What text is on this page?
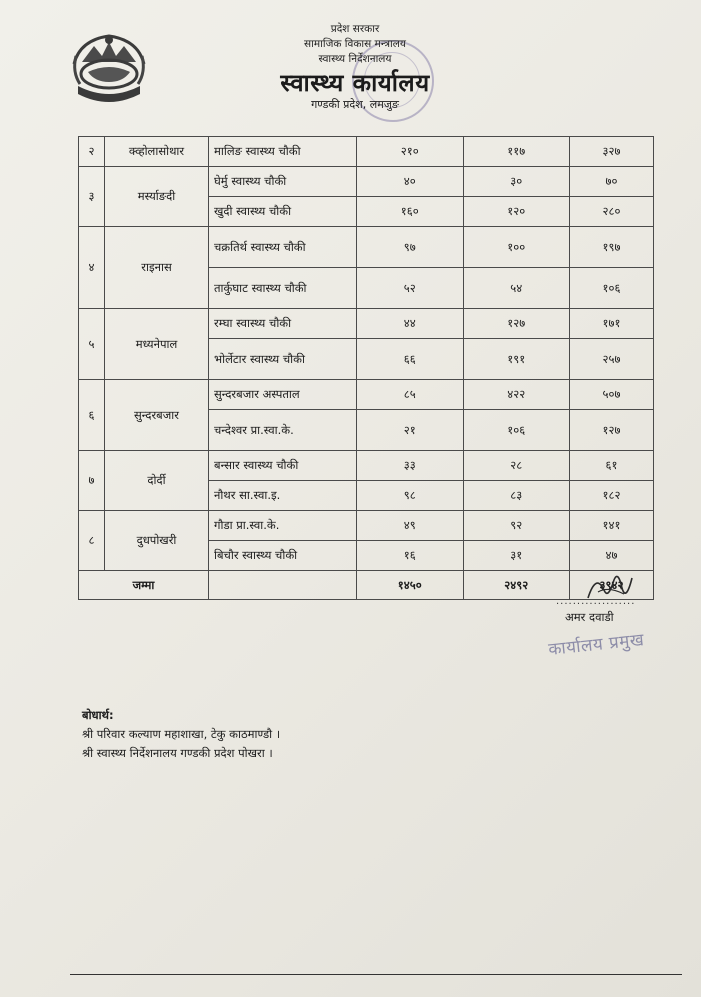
प्रदेश सरकार
सामाजिक विकास मन्त्रालय
स्वास्थ्य निर्देशनालय
स्वास्थ्य कार्यालय
गण्डकी प्रदेश, लमजुङ
२	क्व्होलासोथार	मालिङ स्वास्थ्य चौकी	२१०	११७	३२७
३	मर्स्याङदी	घेर्मु स्वास्थ्य चौकी	४०	३०	७०
		खुदी स्वास्थ्य चौकी	१६०	१२०	२८०
४	राइनास	चक्रतिर्थ स्वास्थ्य चौकी	९७	१००	१९७
		तार्कुघाट स्वास्थ्य चौकी	५२	५४	१०६
५	मध्यनेपाल	रम्घा स्वास्थ्य चौकी	४४	१२७	१७१
		भोर्लेटार स्वास्थ्य चौकी	६६	१९१	२५७
६	सुन्दरबजार	सुन्दरबजार अस्पताल	८५	४२२	५०७
		चन्देश्वर प्रा.स्वा.के.	२१	१०६	१२७
७	दोर्दी	बन्सार स्वास्थ्य चौकी	३३	२८	६१
		नौथर सा.स्वा.इ.	९८	८३	१८२
८	दुधपोखरी	गौडा प्रा.स्वा.के.	४९	९२	१४१
		बिचौर स्वास्थ्य चौकी	१६	३१	४७
जम्मा			१४५०	२४९२	३९४२
...................
अमर दवाडी
कार्यालय प्रमुख
बोधार्थ:
श्री परिवार कल्याण महाशाखा, टेकु काठमाण्डौ ।
श्री स्वास्थ्य निर्देशनालय गण्डकी प्रदेश पोखरा ।
